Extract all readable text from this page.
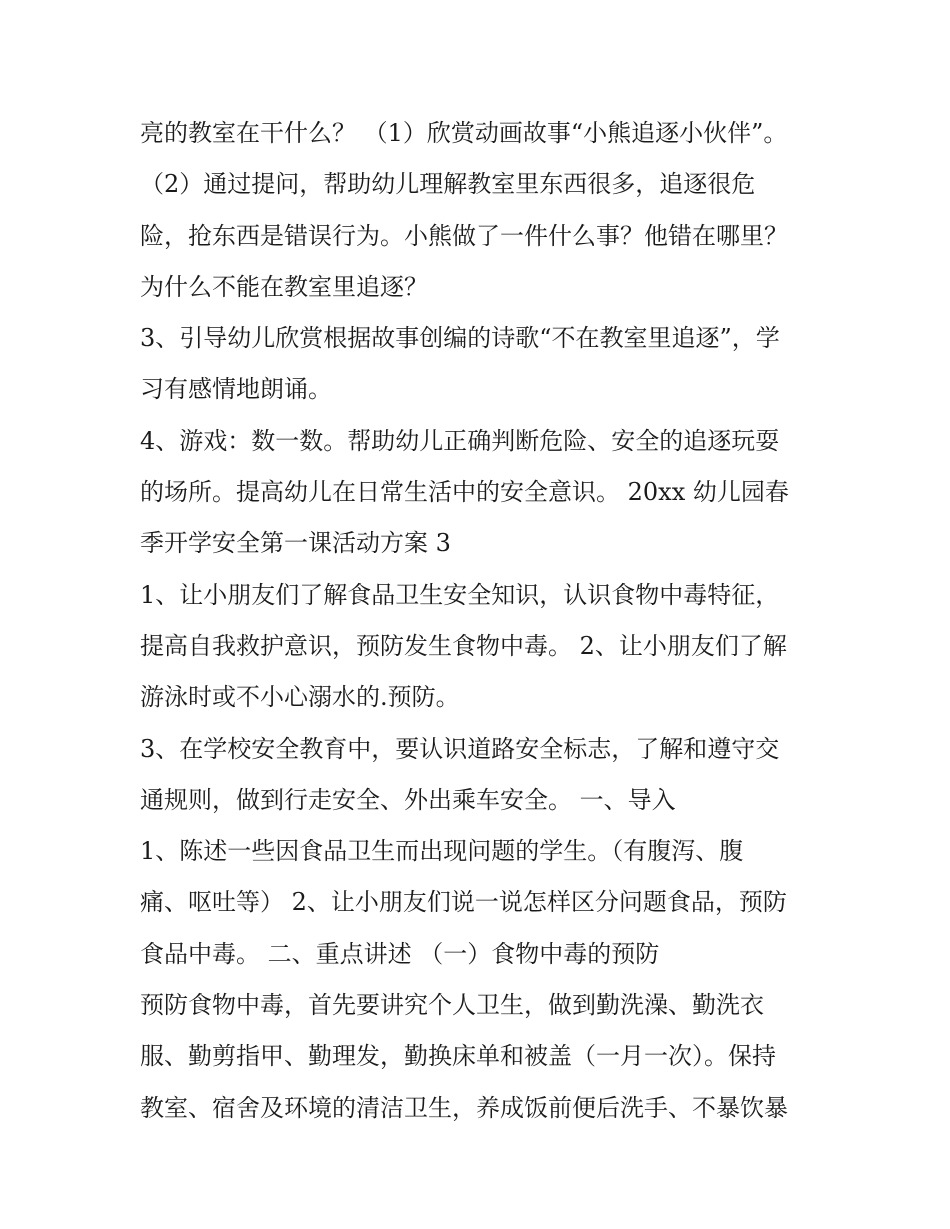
亮的教室在干什么？ （1）欣赏动画故事“小熊追逐小伙伴”。
（2）通过提问，帮助幼儿理解教室里东西很多，追逐很危
险，抢东西是错误行为。小熊做了一件什么事？他错在哪里？
为什么不能在教室里追逐？
3、引导幼儿欣赏根据故事创编的诗歌“不在教室里追逐”，学
习有感情地朗诵。
4、游戏：数一数。帮助幼儿正确判断危险、安全的追逐玩耍
的场所。提高幼儿在日常生活中的安全意识。 20xx 幼儿园春
季开学安全第一课活动方案 3
1、让小朋友们了解食品卫生安全知识，认识食物中毒特征，
提高自我救护意识，预防发生食物中毒。 2、让小朋友们了解
游泳时或不小心溺水的.预防。
3、在学校安全教育中，要认识道路安全标志，了解和遵守交
通规则，做到行走安全、外出乘车安全。 一、导入
1、陈述一些因食品卫生而出现问题的学生。（有腹泻、腹
痛、呕吐等） 2、让小朋友们说一说怎样区分问题食品，预防
食品中毒。 二、重点讲述 （一）食物中毒的预防
预防食物中毒，首先要讲究个人卫生，做到勤洗澡、勤洗衣
服、勤剪指甲、勤理发，勤换床单和被盖（一月一次）。保持
教室、宿舍及环境的清洁卫生，养成饭前便后洗手、不暴饮暴
